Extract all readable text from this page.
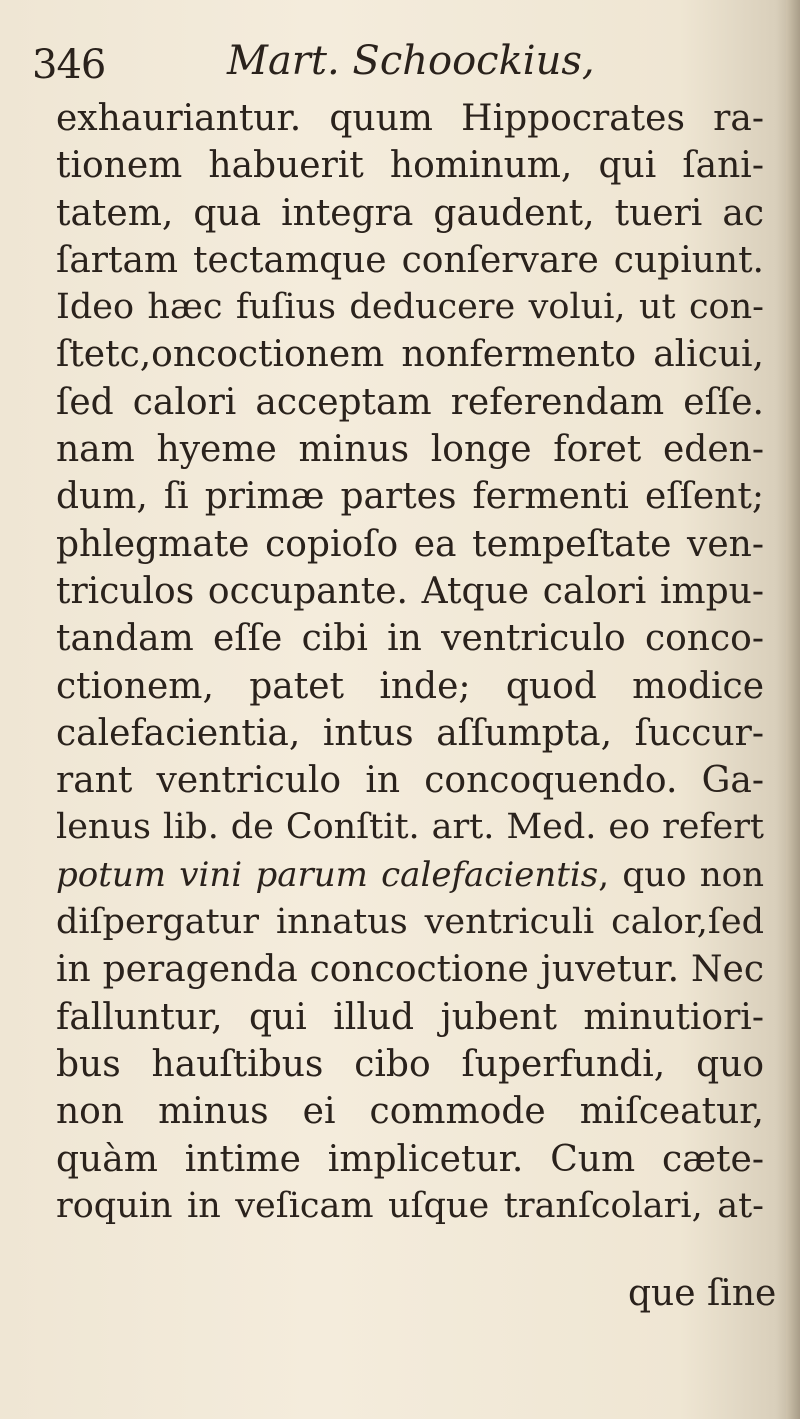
346	Mart. Schoockius,
exhauriantur. quum Hippocrates ra-
tionem habuerit hominum, qui ſani-
tatem, qua integra gaudent, tueri ac
ſartam tectamque conſervare cupiunt.
Ideo hæc fuſius deducere volui, ut con-
ſtetc,oncoctionem nonfermento alicui,
ſed calori acceptam referendam eſſe.
nam hyeme minus longe foret eden-
dum, ſi primæ partes fermenti eſſent;
phlegmate copioſo ea tempeſtate ven-
triculos occupante. Atque calori impu-
tandam eſſe cibi in ventriculo conco-
ctionem, patet inde; quod modice
calefacientia, intus aſſumpta, ſuccur-
rant ventriculo in concoquendo. Ga-
lenus lib. de Conſtit. art. Med. eo refert
potum vini parum calefacientis, quo non
diſpergatur innatus ventriculi calor,ſed
in peragenda concoctione juvetur. Nec
falluntur, qui illud jubent minutiori-
bus hauſtibus cibo ſuperfundi, quo
non minus ei commode miſceatur,
quàm intime implicetur. Cum cæte-
roquin in veſicam uſque tranſcolari, at-
que ſine
